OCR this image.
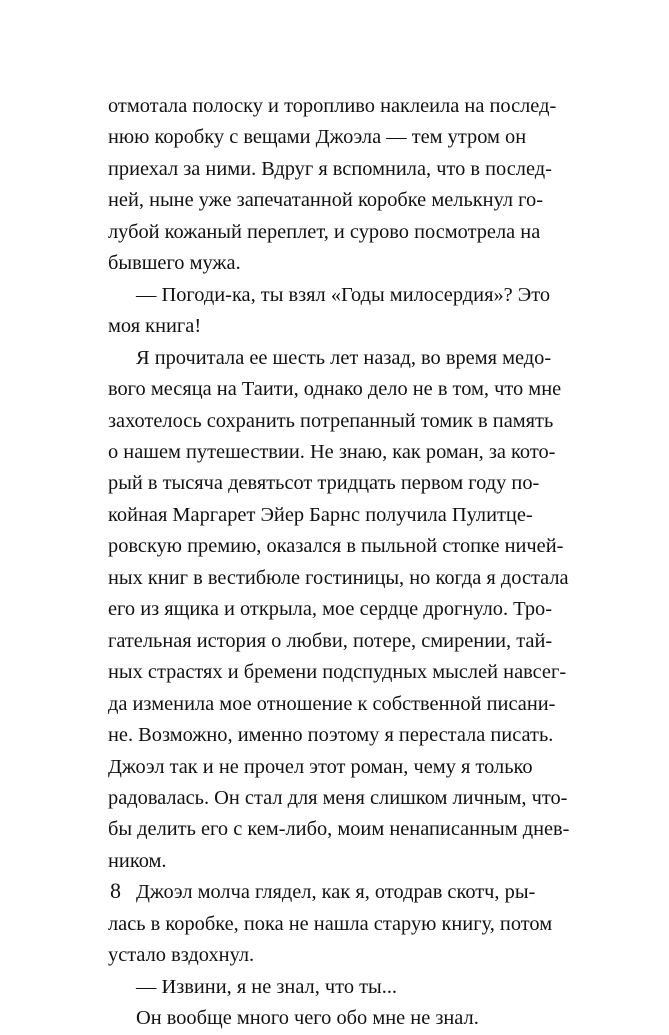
отмотала полоску и торопливо наклеила на послед-
нюю коробку с вещами Джоэла — тем утром он
приехал за ними. Вдруг я вспомнила, что в послед-
ней, ныне уже запечатанной коробке мелькнул го-
лубой кожаный переплет, и сурово посмотрела на
бывшего мужа.
— Погоди-ка, ты взял «Годы милосердия»? Это
моя книга!
Я прочитала ее шесть лет назад, во время медо-
вого месяца на Таити, однако дело не в том, что мне
захотелось сохранить потрепанный томик в память
о нашем путешествии. Не знаю, как роман, за кото-
рый в тысяча девятьсот тридцать первом году по-
койная Маргарет Эйер Барнс получила Пулитце-
ровскую премию, оказался в пыльной стопке ничей-
ных книг в вестибюле гостиницы, но когда я достала
его из ящика и открыла, мое сердце дрогнуло. Тро-
гательная история о любви, потере, смирении, тай-
ных страстях и бремени подспудных мыслей навсег-
да изменила мое отношение к собственной писани-
не. Возможно, именно поэтому я перестала писать.
Джоэл так и не прочел этот роман, чему я только
радовалась. Он стал для меня слишком личным, что-
бы делить его с кем-либо, моим ненаписанным днев-
ником.
Джоэл молча глядел, как я, отодрав скотч, ры-
лась в коробке, пока не нашла старую книгу, потом
устало вздохнул.
— Извини, я не знал, что ты...
Он вообще много чего обо мне не знал.
8
